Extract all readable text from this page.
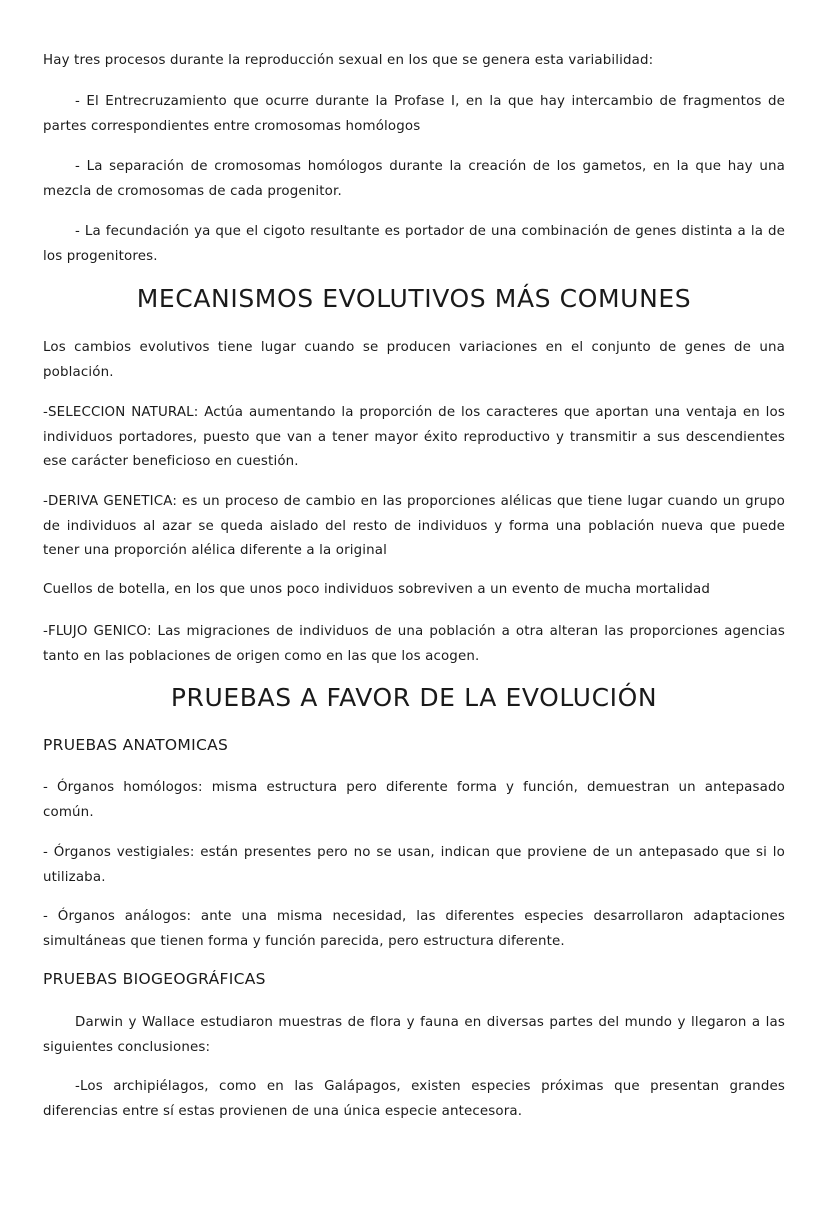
Hay tres procesos durante la reproducción sexual en los que se genera esta variabilidad:

- El Entrecruzamiento que ocurre durante la Profase I, en la que hay intercambio de fragmentos de partes correspondientes entre cromosomas homólogos

- La separación de cromosomas homólogos durante la creación de los gametos, en la que hay una mezcla de cromosomas de cada progenitor.

- La fecundación ya que el cigoto resultante es portador de una combinación de genes distinta a la de los progenitores.

MECANISMOS EVOLUTIVOS MÁS COMUNES

Los cambios evolutivos tiene lugar cuando se producen variaciones en el conjunto de genes de una población.

-SELECCION NATURAL: Actúa aumentando la proporción de los caracteres que aportan una ventaja en los individuos portadores, puesto que van a tener mayor éxito reproductivo y transmitir a sus descendientes ese carácter beneficioso en cuestión.

-DERIVA GENETICA: es un proceso de cambio en las proporciones alélicas que tiene lugar cuando un grupo de individuos al azar se queda aislado del resto de individuos y forma una población nueva que puede tener una proporción alélica diferente a la original

Cuellos de botella, en los que unos poco individuos sobreviven a un evento de mucha mortalidad

-FLUJO GENICO: Las migraciones de individuos de una población a otra alteran las proporciones agencias tanto en las poblaciones de origen como en las que los acogen.

PRUEBAS A FAVOR DE LA EVOLUCIÓN
PRUEBAS ANATOMICAS

- Órganos homólogos: misma estructura pero diferente forma y función, demuestran un antepasado común.

- Órganos vestigiales: están presentes pero no se usan, indican que proviene de un antepasado que si lo utilizaba.

- Órganos análogos: ante una misma necesidad, las diferentes especies desarrollaron adaptaciones simultáneas que tienen forma y función parecida, pero estructura diferente.

PRUEBAS BIOGEOGRÁFICAS

Darwin y Wallace estudiaron muestras de flora y fauna en diversas partes del mundo y llegaron a las siguientes conclusiones:

-Los archipiélagos, como en las Galápagos, existen especies próximas que presentan grandes diferencias entre sí estas provienen de una única especie antecesora.
